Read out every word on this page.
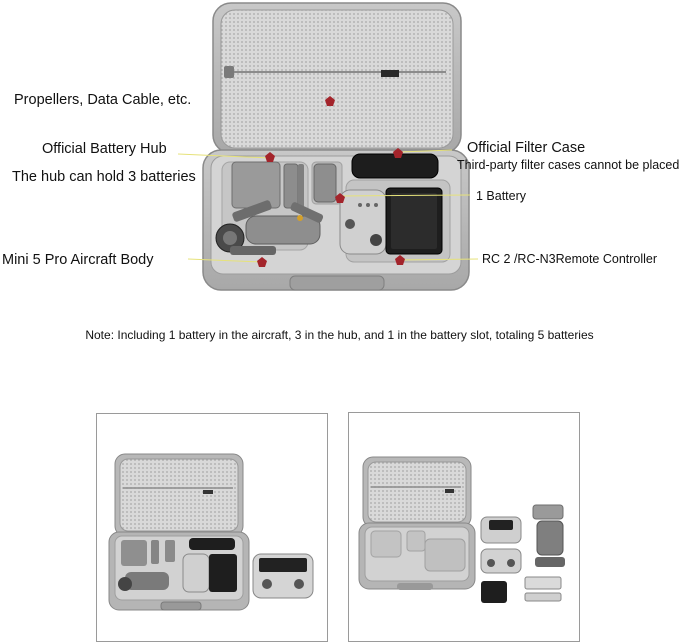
Propellers, Data Cable, etc.
Official Battery Hub
The hub can hold 3 batteries
Mini 5 Pro Aircraft Body
Official Filter Case
Third-party filter cases cannot be placed
1 Battery
RC 2 /RC-N3Remote Controller
Note: Including 1 battery in the aircraft, 3 in the hub, and 1 in the battery slot, totaling 5 batteries
